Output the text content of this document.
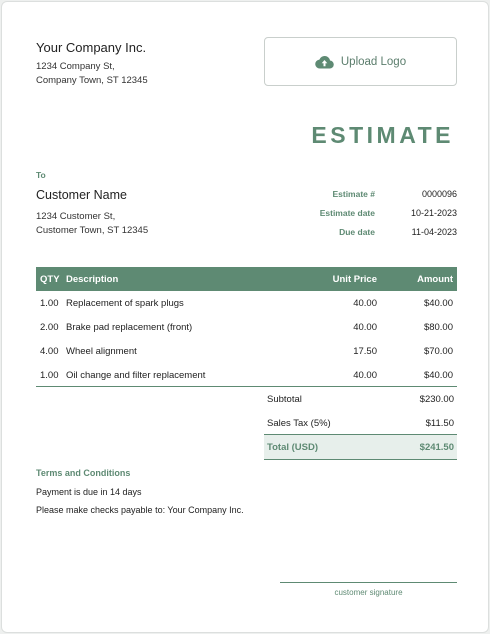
Your Company Inc.
1234 Company St,
Company Town, ST 12345
Upload Logo
ESTIMATE
To
Customer Name
1234 Customer St,
Customer Town, ST 12345
Estimate #	0000096
Estimate date	10-21-2023
Due date	11-04-2023
QTY	Description	Unit Price	Amount
1.00	Replacement of spark plugs	40.00	$40.00
2.00	Brake pad replacement (front)	40.00	$80.00
4.00	Wheel alignment	17.50	$70.00
1.00	Oil change and filter replacement	40.00	$40.00
Subtotal	$230.00
Sales Tax (5%)	$11.50
Total (USD)	$241.50
Terms and Conditions
Payment is due in 14 days
Please make checks payable to: Your Company Inc.
customer signature
